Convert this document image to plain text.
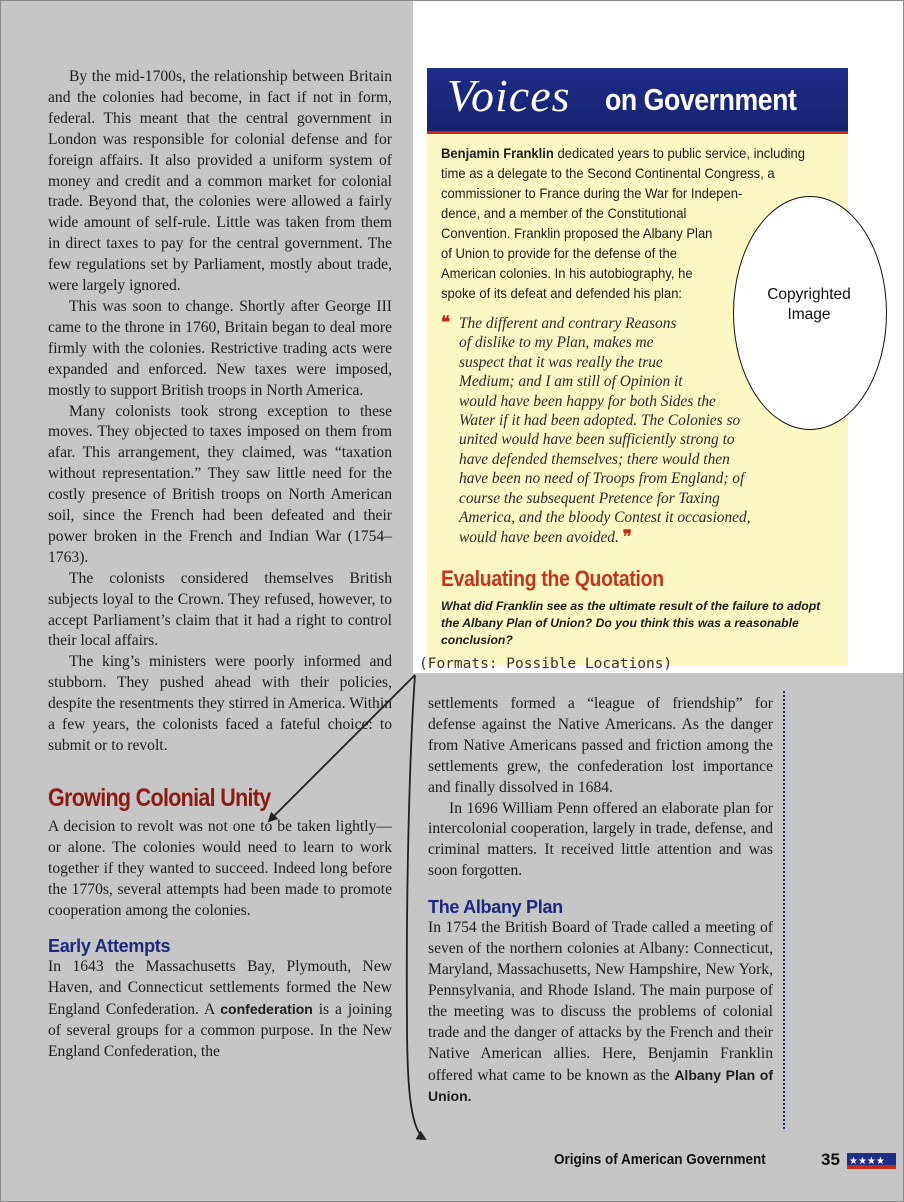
By the mid-1700s, the relationship between Britain and the colonies had become, in fact if not in form, federal. This meant that the central government in London was responsible for colonial defense and for foreign affairs. It also provided a uniform system of money and credit and a common market for colonial trade. Beyond that, the colonies were allowed a fairly wide amount of self-rule. Little was taken from them in direct taxes to pay for the central government. The few regulations set by Parliament, mostly about trade, were largely ignored.

This was soon to change. Shortly after George III came to the throne in 1760, Britain began to deal more firmly with the colonies. Restrictive trading acts were expanded and enforced. New taxes were imposed, mostly to support British troops in North America.

Many colonists took strong exception to these moves. They objected to taxes imposed on them from afar. This arrangement, they claimed, was “taxation without representation.” They saw little need for the costly presence of British troops on North American soil, since the French had been defeated and their power broken in the French and Indian War (1754–1763).

The colonists considered themselves British subjects loyal to the Crown. They refused, however, to accept Parliament’s claim that it had a right to control their local affairs.

The king’s ministers were poorly informed and stubborn. They pushed ahead with their policies, despite the resentments they stirred in America. Within a few years, the colonists faced a fateful choice: to submit or to revolt.

Growing Colonial Unity

A decision to revolt was not one to be taken lightly—or alone. The colonies would need to learn to work together if they wanted to succeed. Indeed long before the 1770s, several attempts had been made to promote cooperation among the colonies.

Early Attempts

In 1643 the Massachusetts Bay, Plymouth, New Haven, and Connecticut settlements formed the New England Confederation. A confederation is a joining of several groups for a common purpose. In the New England Confederation, the

Voices on Government
Benjamin Franklin dedicated years to public service, including
time as a delegate to the Second Continental Congress, a
commissioner to France during the War for Indepen-
dence, and a member of the Constitutional
Convention. Franklin proposed the Albany Plan
of Union to provide for the defense of the
American colonies. In his autobiography, he
spoke of its defeat and defended his plan:
❝ The different and contrary Reasons
of dislike to my Plan, makes me
suspect that it was really the true
Medium; and I am still of Opinion it
would have been happy for both Sides the
Water if it had been adopted. The Colonies so
united would have been sufficiently strong to
have defended themselves; there would then
have been no need of Troops from England; of
course the subsequent Pretence for Taxing
America, and the bloody Contest it occasioned,
would have been avoided. ❞
Evaluating the Quotation
What did Franklin see as the ultimate result of the failure to adopt
the Albany Plan of Union? Do you think this was a reasonable
conclusion?
Copyrighted
Image
(Formats: Possible Locations)

settlements formed a “league of friendship” for defense against the Native Americans. As the danger from Native Americans passed and friction among the settlements grew, the confederation lost importance and finally dissolved in 1684.

In 1696 William Penn offered an elaborate plan for intercolonial cooperation, largely in trade, defense, and criminal matters. It received little attention and was soon forgotten.

The Albany Plan

In 1754 the British Board of Trade called a meeting of seven of the northern colonies at Albany: Connecticut, Maryland, Massachusetts, New Hampshire, New York, Pennsylvania, and Rhode Island. The main purpose of the meeting was to discuss the problems of colonial trade and the danger of attacks by the French and their Native American allies. Here, Benjamin Franklin offered what came to be known as the Albany Plan of Union.

Origins of American Government	35 ★★★★
